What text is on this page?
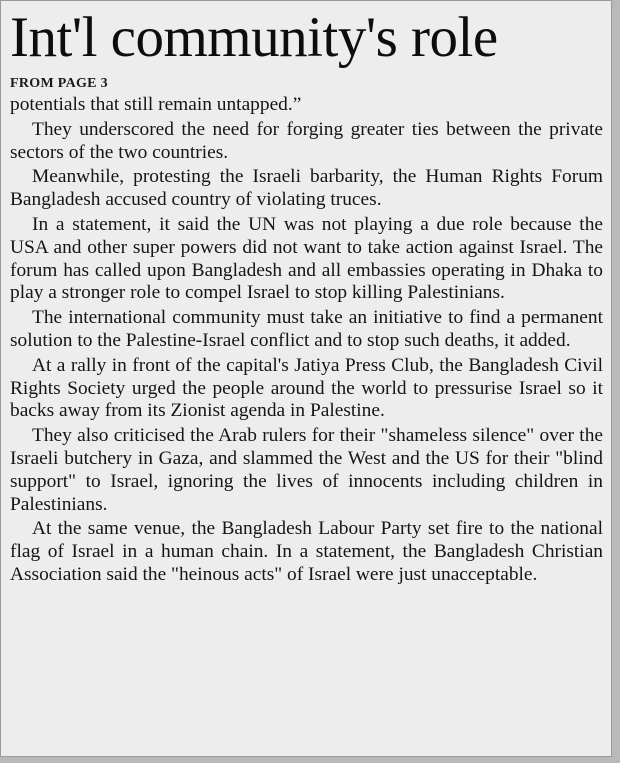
Int'l community's role
FROM PAGE 3

potentials that still remain untapped.”

They underscored the need for forging greater ties between the private sectors of the two countries.

Meanwhile, protesting the Israeli barbarity, the Human Rights Forum Bangladesh accused country of violating truces.

In a statement, it said the UN was not playing a due role because the USA and other super powers did not want to take action against Israel. The forum has called upon Bangladesh and all embassies operating in Dhaka to play a stronger role to compel Israel to stop killing Palestinians.

The international community must take an initiative to find a permanent solution to the Palestine-Israel conflict and to stop such deaths, it added.

At a rally in front of the capital's Jatiya Press Club, the Bangladesh Civil Rights Society urged the people around the world to pressurise Israel so it backs away from its Zionist agenda in Palestine.

They also criticised the Arab rulers for their "shameless silence" over the Israeli butchery in Gaza, and slammed the West and the US for their "blind support" to Israel, ignoring the lives of innocents including children in Palestinians.

At the same venue, the Bangladesh Labour Party set fire to the national flag of Israel in a human chain. In a statement, the Bangladesh Christian Association said the "heinous acts" of Israel were just unacceptable.
